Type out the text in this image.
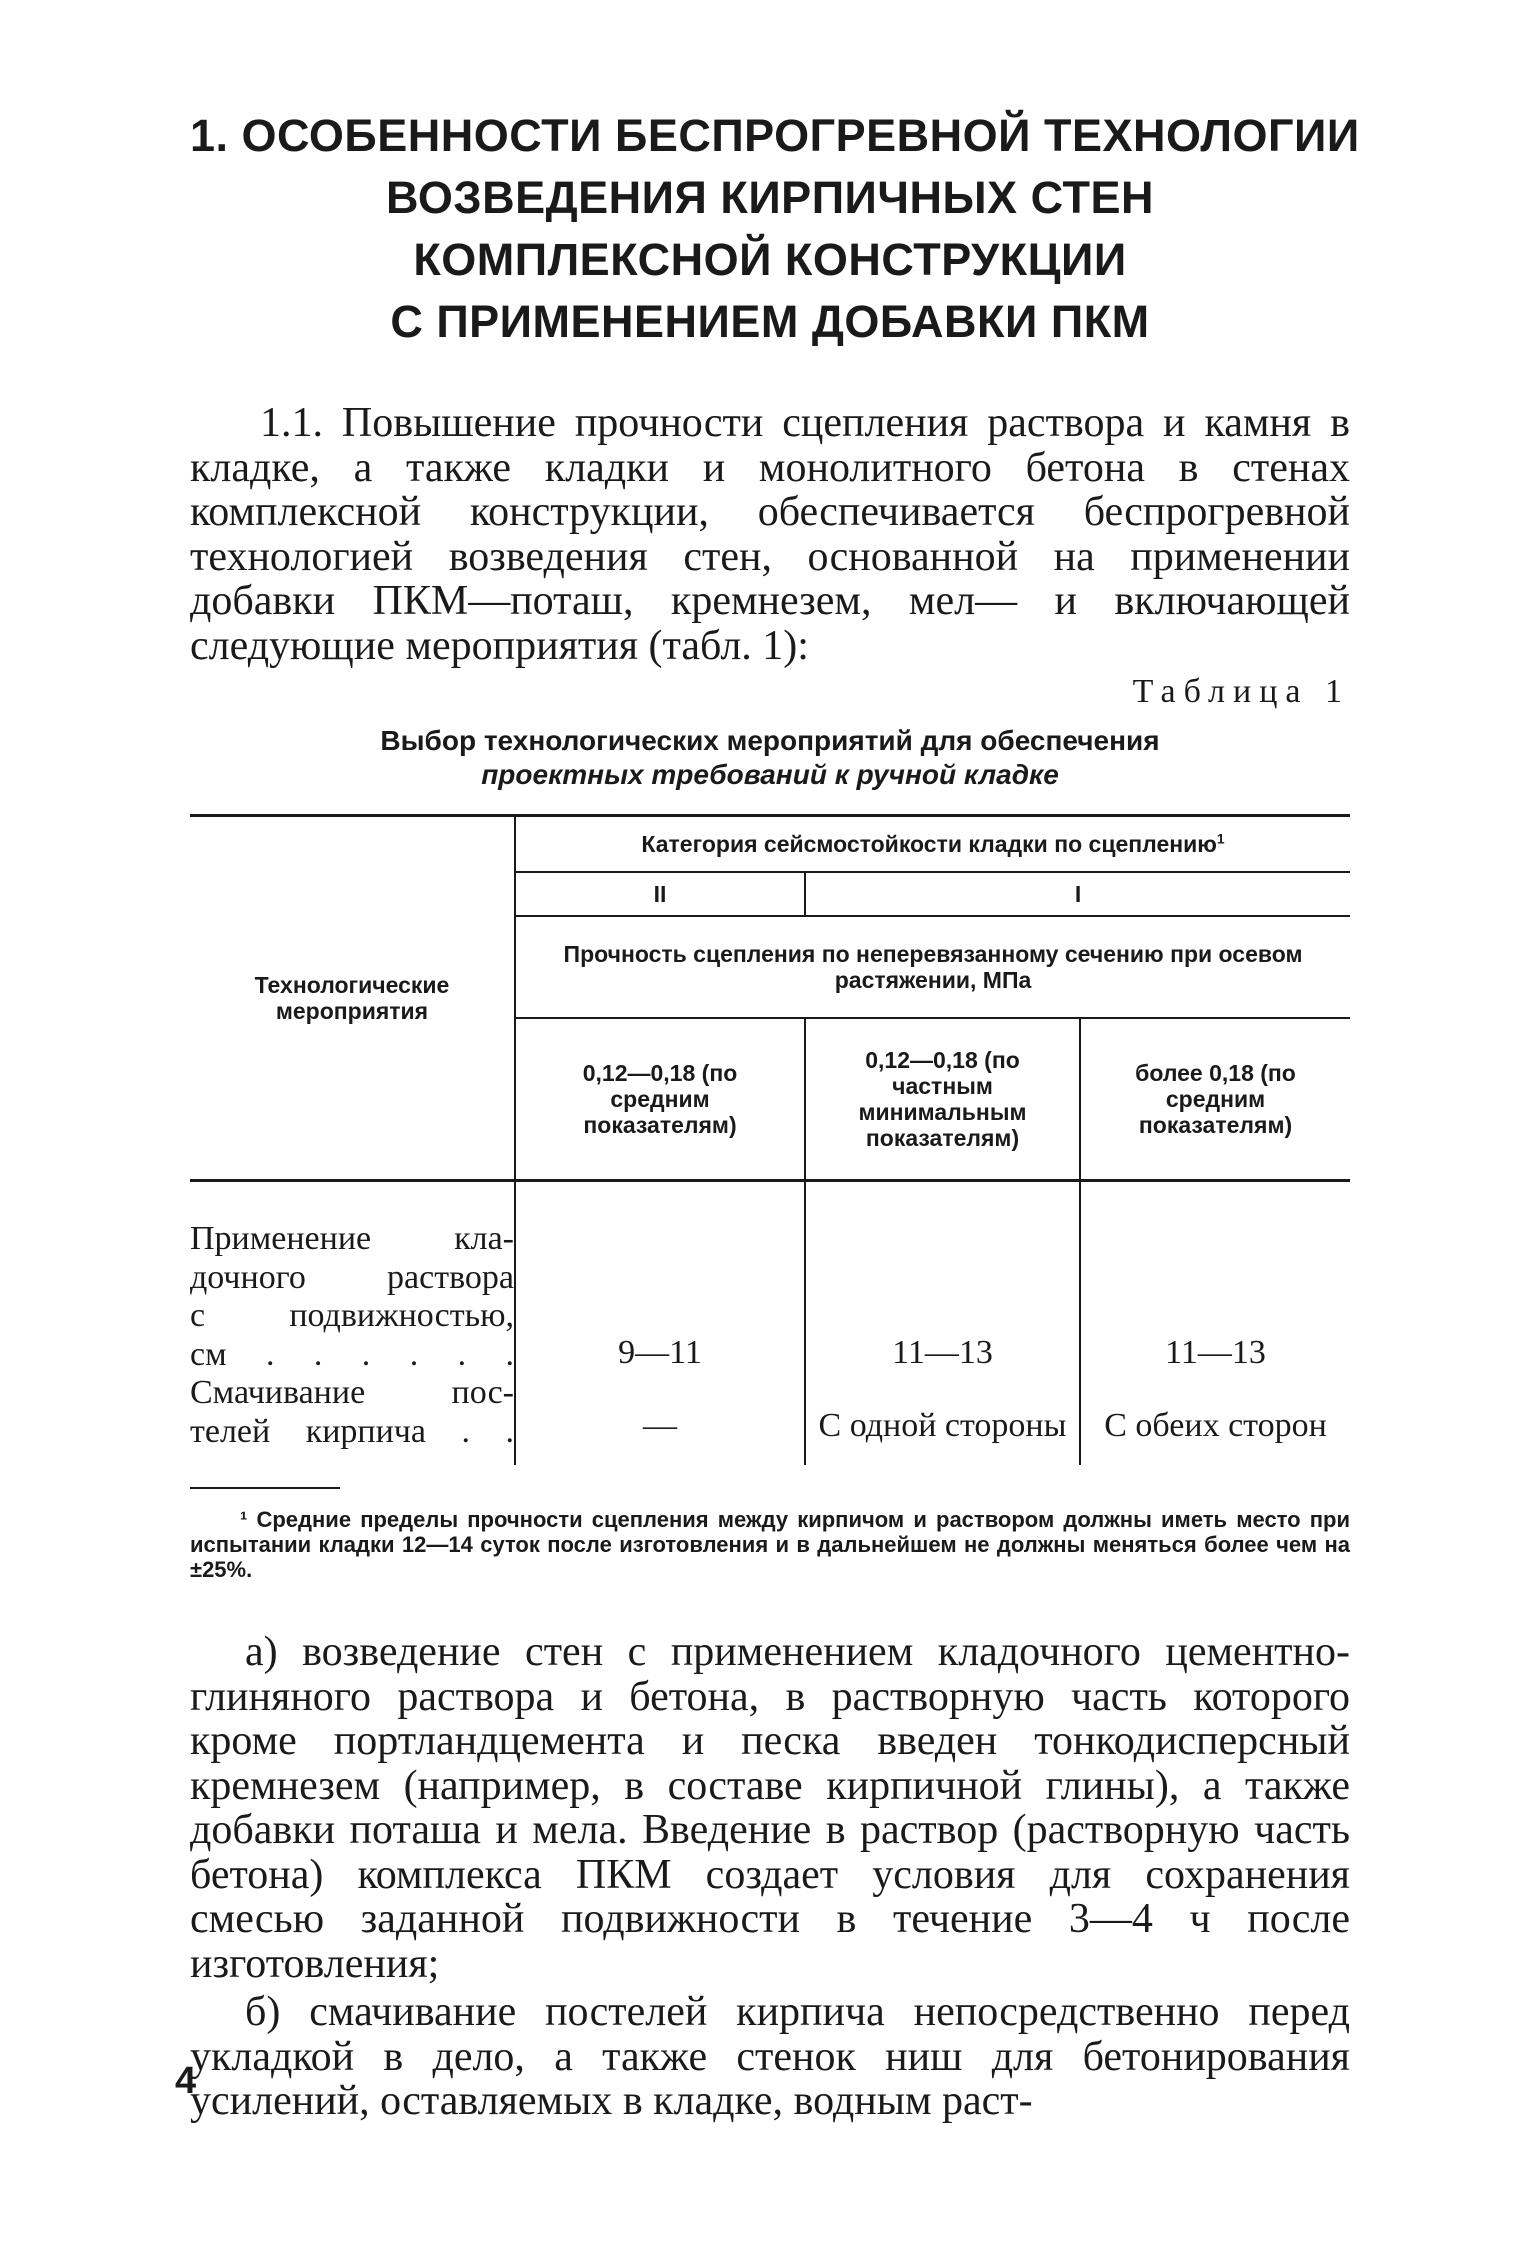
1. ОСОБЕННОСТИ БЕСПРОГРЕВНОЙ ТЕХНОЛОГИИ
ВОЗВЕДЕНИЯ КИРПИЧНЫХ СТЕН
КОМПЛЕКСНОЙ КОНСТРУКЦИИ
С ПРИМЕНЕНИЕМ ДОБАВКИ ПКМ

1.1. Повышение прочности сцепления раствора и камня в кладке, а также кладки и монолитного бетона в стенах комплексной конструкции, обеспечивается беспрогревной технологией возведения стен, основанной на применении добавки ПКМ—поташ, кремнезем, мел— и включающей следующие мероприятия (табл. 1):

Таблица 1
Выбор технологических мероприятий для обеспечения
проектных требований к ручной кладке
Технологические мероприятия	Категория сейсмостойкости кладки по сцеплению$^1$
	II	I	
	Прочность сцепления по неперевязанному сечению при осевом растяжении, МПа		
	0,12—0,18 (по средним показателям)	0,12—0,18 (по частным минимальным показателям)	более 0,18 (по средним показателям)

Применение кла-
дочного раствора
с подвижностью,
см . . . . . .	9—11	11—13	11—13

Смачивание пос-
телей кирпича . .	—	С одной стороны	С обеих сторон
¹ Средние пределы прочности сцепления между кирпичом и раствором должны иметь место при испытании кладки 12—14 суток после изготовления и в дальнейшем не должны меняться более чем на ±25%.

а) возведение стен с применением кладочного цементно-глиняного раствора и бетона, в растворную часть которого кроме портландцемента и песка введен тонкодисперсный кремнезем (например, в составе кирпичной глины), а также добавки поташа и мела. Введение в раствор (растворную часть бетона) комплекса ПКМ создает условия для сохранения смесью заданной подвижности в течение 3—4 ч после изготовления;

б) смачивание постелей кирпича непосредственно перед укладкой в дело, а также стенок ниш для бетонирования усилений, оставляемых в кладке, водным раст-

4
